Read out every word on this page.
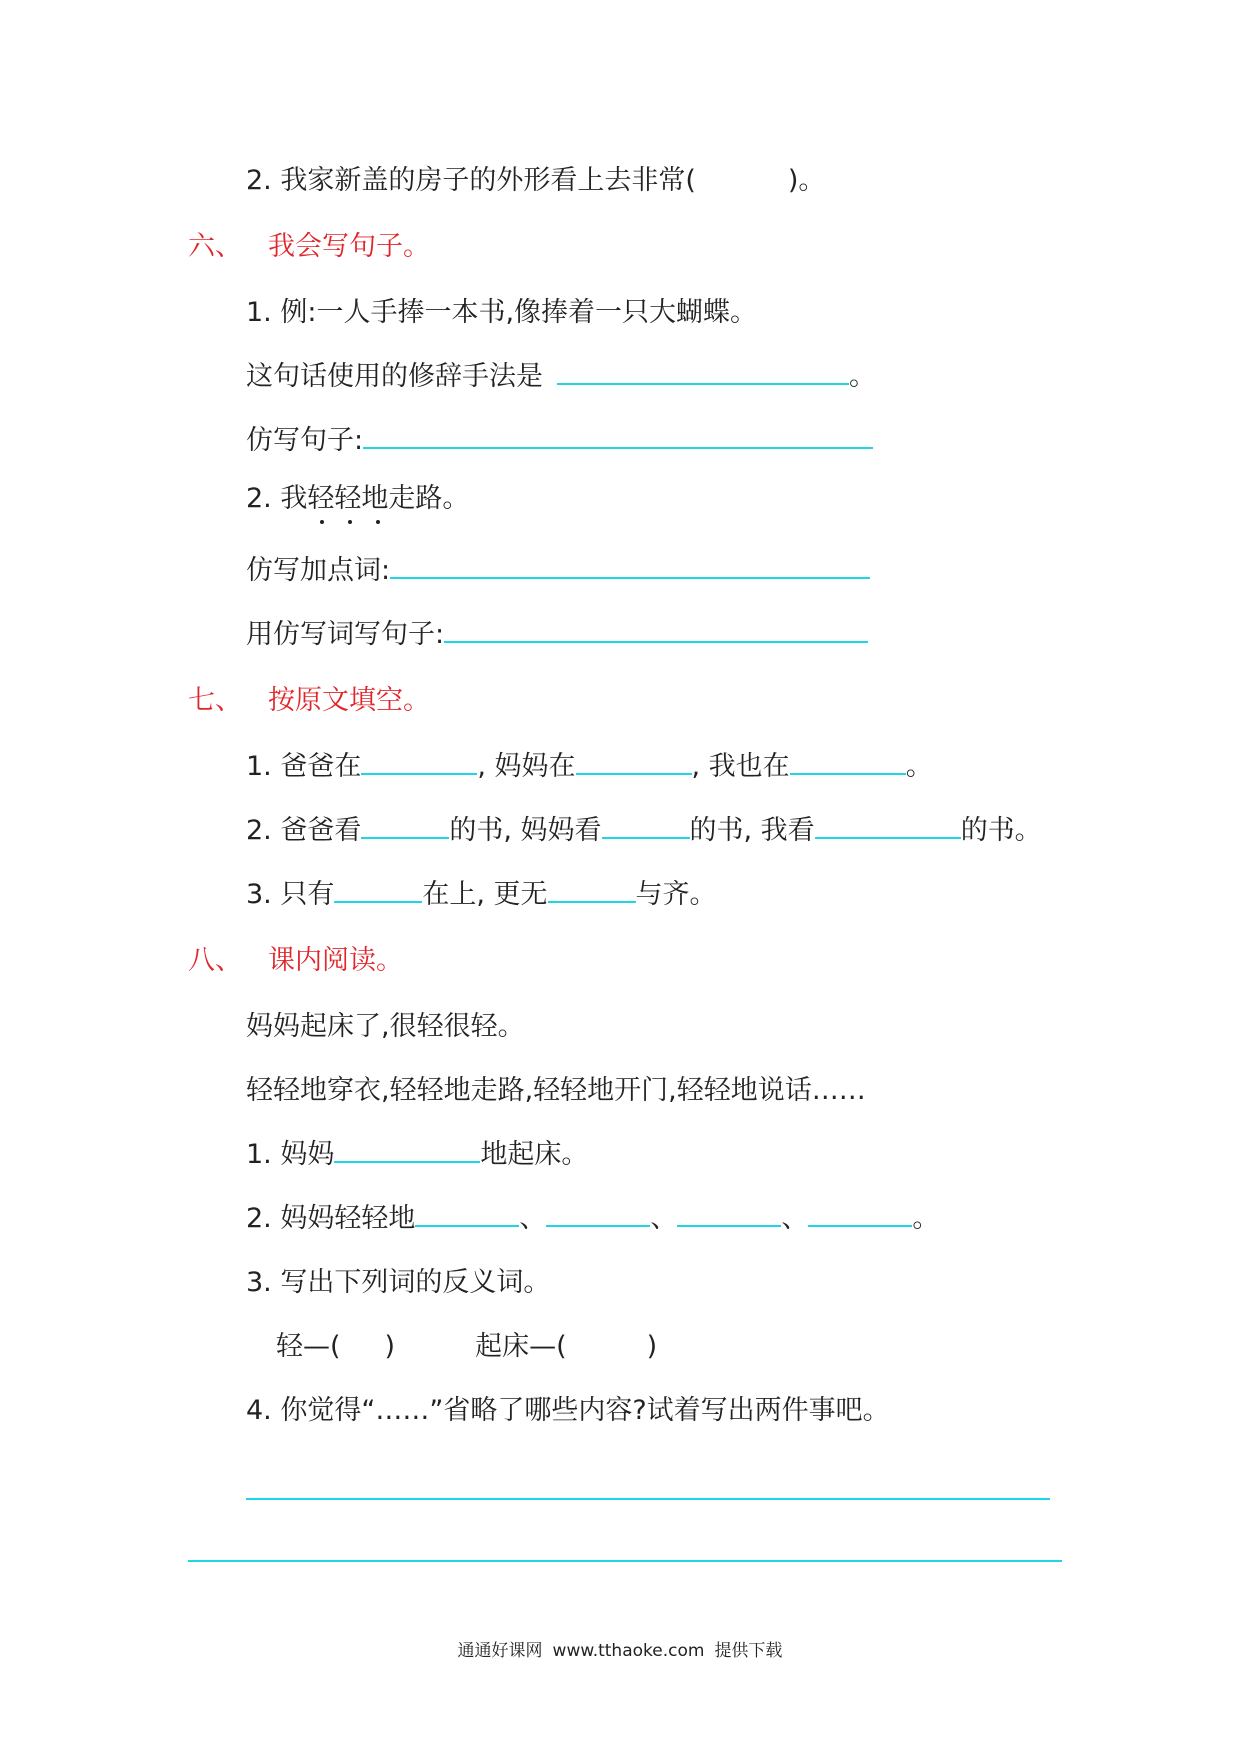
2. 我家新盖的房子的外形看上去非常(	)。
六、 我会写句子。
1. 例:一人手捧一本书,像捧着一只大蝴蝶。
这句话使用的修辞手法是	。
仿写句子:
2. 我轻轻地走路。
仿写加点词:
用仿写词写句子:
七、 按原文填空。
1. 爸爸在	, 妈妈在	, 我也在	。
2. 爸爸看	的书, 妈妈看	的书, 我看	的书。
3. 只有	在上, 更无	与齐。
八、 课内阅读。
妈妈起床了,很轻很轻。
轻轻地穿衣,轻轻地走路,轻轻地开门,轻轻地说话……
1. 妈妈	地起床。
2. 妈妈轻轻地	、	、	、	。
3. 写出下列词的反义词。
轻—( )	起床—(	)
4. 你觉得“……”省略了哪些内容?试着写出两件事吧。
通通好课网 www.tthaoke.com 提供下载
